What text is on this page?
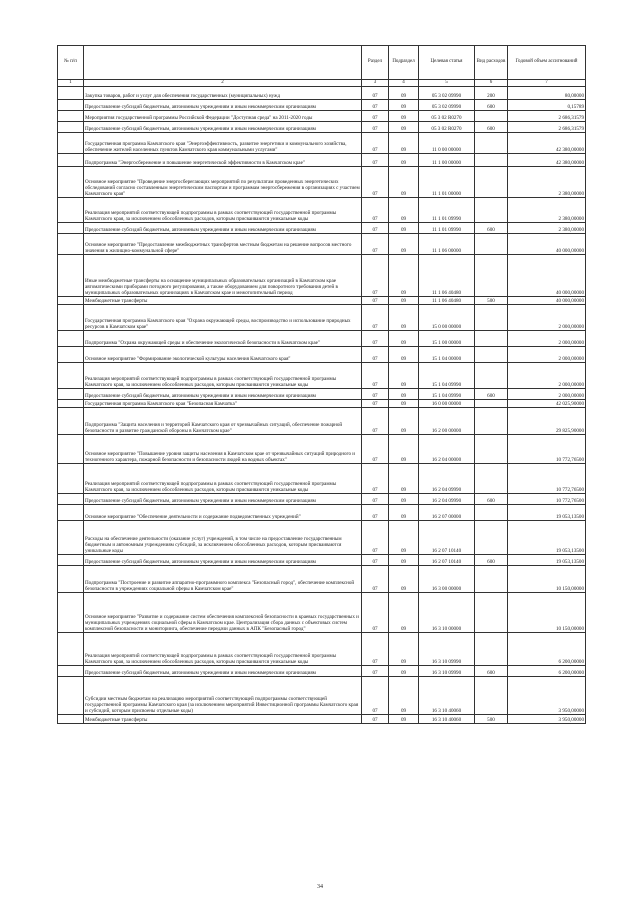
№ п/п		Раздел	Подраздел	Целевая статья	Вид расходов	Годовой объем ассигнований
1	2	3	4	5	6	7
	Закупка товаров, работ и услуг для обеспечения государственных (муниципальных) нужд	07	09	05 3 02 09990	200	80,00000
	Предоставление субсидий бюджетным, автономным учреждениям и иным некоммерческим организациям	07	09	05 3 02 09990	600	0,15789
	Мероприятия государственной программы Российской Федерации "Доступная среда" на 2011-2020 годы	07	09	05 3 02 R0270		2 686,31579
	Предоставление субсидий бюджетным, автономным учреждениям и иным некоммерческим организациям	07	09	05 3 02 R0270	600	2 686,31579
	Государственная программа Камчатского края "Энергоэффективность, развитие энергетики и коммунального хозяйства, обеспечение жителей населенных пунктов Камчатского края коммунальными услугами"	07	09	11 0 00 00000		42 380,00000
	Подпрограмма "Энергосбережение и повышение энергетической эффективности в Камчатском крае"	07	09	11 1 00 00000		42 380,00000
	Основное мероприятие "Проведение энергосберегающих мероприятий по результатам проведенных энергетических обследований согласно составленным энергетическим паспортам и программам энергосбережения в организациях с участием Камчатского края"	07	09	11 1 01 00000		2 380,00000
	Реализация мероприятий соответствующей подпрограммы в рамках соответствующей государственной программы Камчатского края, за исключением обособленных расходов, которым присваиваются уникальные коды	07	09	11 1 01 09990		2 380,00000
	Предоставление субсидий бюджетным, автономным учреждениям и иным некоммерческим организациям	07	09	11 1 01 09990	600	2 380,00000
	Основное мероприятие "Предоставление межбюджетных трансфертов местным бюджетам на решение вопросов местного значения в жилищно-коммунальной сфере"	07	09	11 1 06 00000		40 000,00000
	Иные межбюджетные трансферты на оснащение муниципальных образовательных организаций в Камчатском крае автоматическими приборами потодного регулирования, а также оборудованием для поворотного требования детей в муниципальных образовательных организациях в Камчатском крае и межотопительный период	07	09	11 1 06 40480		40 000,00000
	Межбюджетные трансферты	07	09	11 1 06 40480	500	40 000,00000
	Государственная программа Камчатского края "Охрана окружающей среды, воспроизводство и использование природных ресурсов в Камчатском крае"	07	09	15 0 00 00000		2 000,00000
	Подпрограмма "Охрана окружающей среды и обеспечение экологической безопасности в Камчатском крае"	07	09	15 1 00 00000		2 000,00000
	Основное мероприятие "Формирование экологической культуры населения Камчатского края"	07	09	15 1 04 00000		2 000,00000
	Реализация мероприятий соответствующей подпрограммы в рамках соответствующей государственной программы Камчатского края, за исключением обособленных расходов, которым присваиваются уникальные коды	07	09	15 1 04 09990		2 000,00000
	Предоставление субсидий бюджетным, автономным учреждениям и иным некоммерческим организациям	07	09	15 1 04 09990	600	2 000,00000
	Государственная программа Камчатского края "Безопасная Камчатка"	07	09	16 0 00 00000		42 025,90000
	Подпрограмма "Защита населения и территорий Камчатского края от чрезвычайных ситуаций, обеспечение пожарной безопасности и развитие гражданской обороны в Камчатском крае"	07	09	16 2 00 00000		29 825,90000
	Основное мероприятие "Повышение уровня защиты населения в Камчатском крае от чрезвычайных ситуаций природного и техногенного характера, пожарной безопасности и безопасности людей на водных объектах"	07	09	16 2 04 00000		10 772,76500
	Реализация мероприятий соответствующей подпрограммы в рамках соответствующей государственной программы Камчатского края, за исключением обособленных расходов, которым присваиваются уникальные коды	07	09	16 2 04 09990		10 772,76500
	Предоставление субсидий бюджетным, автономным учреждениям и иным некоммерческим организациям	07	09	16 2 04 09990	600	10 772,76500
	Основное мероприятие "Обеспечение деятельности и содержание подведомственных учреждений"	07	09	16 2 07 00000		19 053,13500
	Расходы на обеспечение деятельности (оказание услуг) учреждений, в том числе на предоставление государственным бюджетным и автономным учреждениям субсидий, за исключением обособленных расходов, которым присваиваются уникальные коды	07	09	16 2 07 10140		19 053,13500
	Предоставление субсидий бюджетным, автономным учреждениям и иным некоммерческим организациям	07	09	16 2 07 10140	600	19 053,13500
	Подпрограмма "Построение и развитие аппаратно-программного комплекса "Безопасный город", обеспечение комплексной безопасности в учреждениях социальной сферы в Камчатском крае"	07	09	16 3 00 00000		10 150,00000
	Основное мероприятие "Развитие и содержание систем обеспечения комплексной безопасности в краевых государственных и муниципальных учреждениях социальной сферы в Камчатском крае. Централизация сбора данных с объектовых систем комплексной безопасности и мониторинга, обеспечение передачи данных в АПК "Безопасный город"	07	09	16 3 10 00000		10 150,00000
	Реализация мероприятий соответствующей подпрограммы в рамках соответствующей государственной программы Камчатского края, за исключением обособленных расходов, которым присваиваются уникальные коды	07	09	16 3 10 09990		6 200,00000
	Предоставление субсидий бюджетным, автономным учреждениям и иным некоммерческим организациям	07	09	16 3 10 09990	600	6 200,00000
	Субсидии местным бюджетам на реализацию мероприятий соответствующей подпрограммы соответствующей государственной программы Камчатского края (за исключением мероприятий Инвестиционной программы Камчатского края и субсидий, которым присвоены отдельные коды)	07	09	16 3 10 40060		3 950,00000
	Межбюджетные трансферты	07	09	16 3 10 40060	500	3 950,00000
34
